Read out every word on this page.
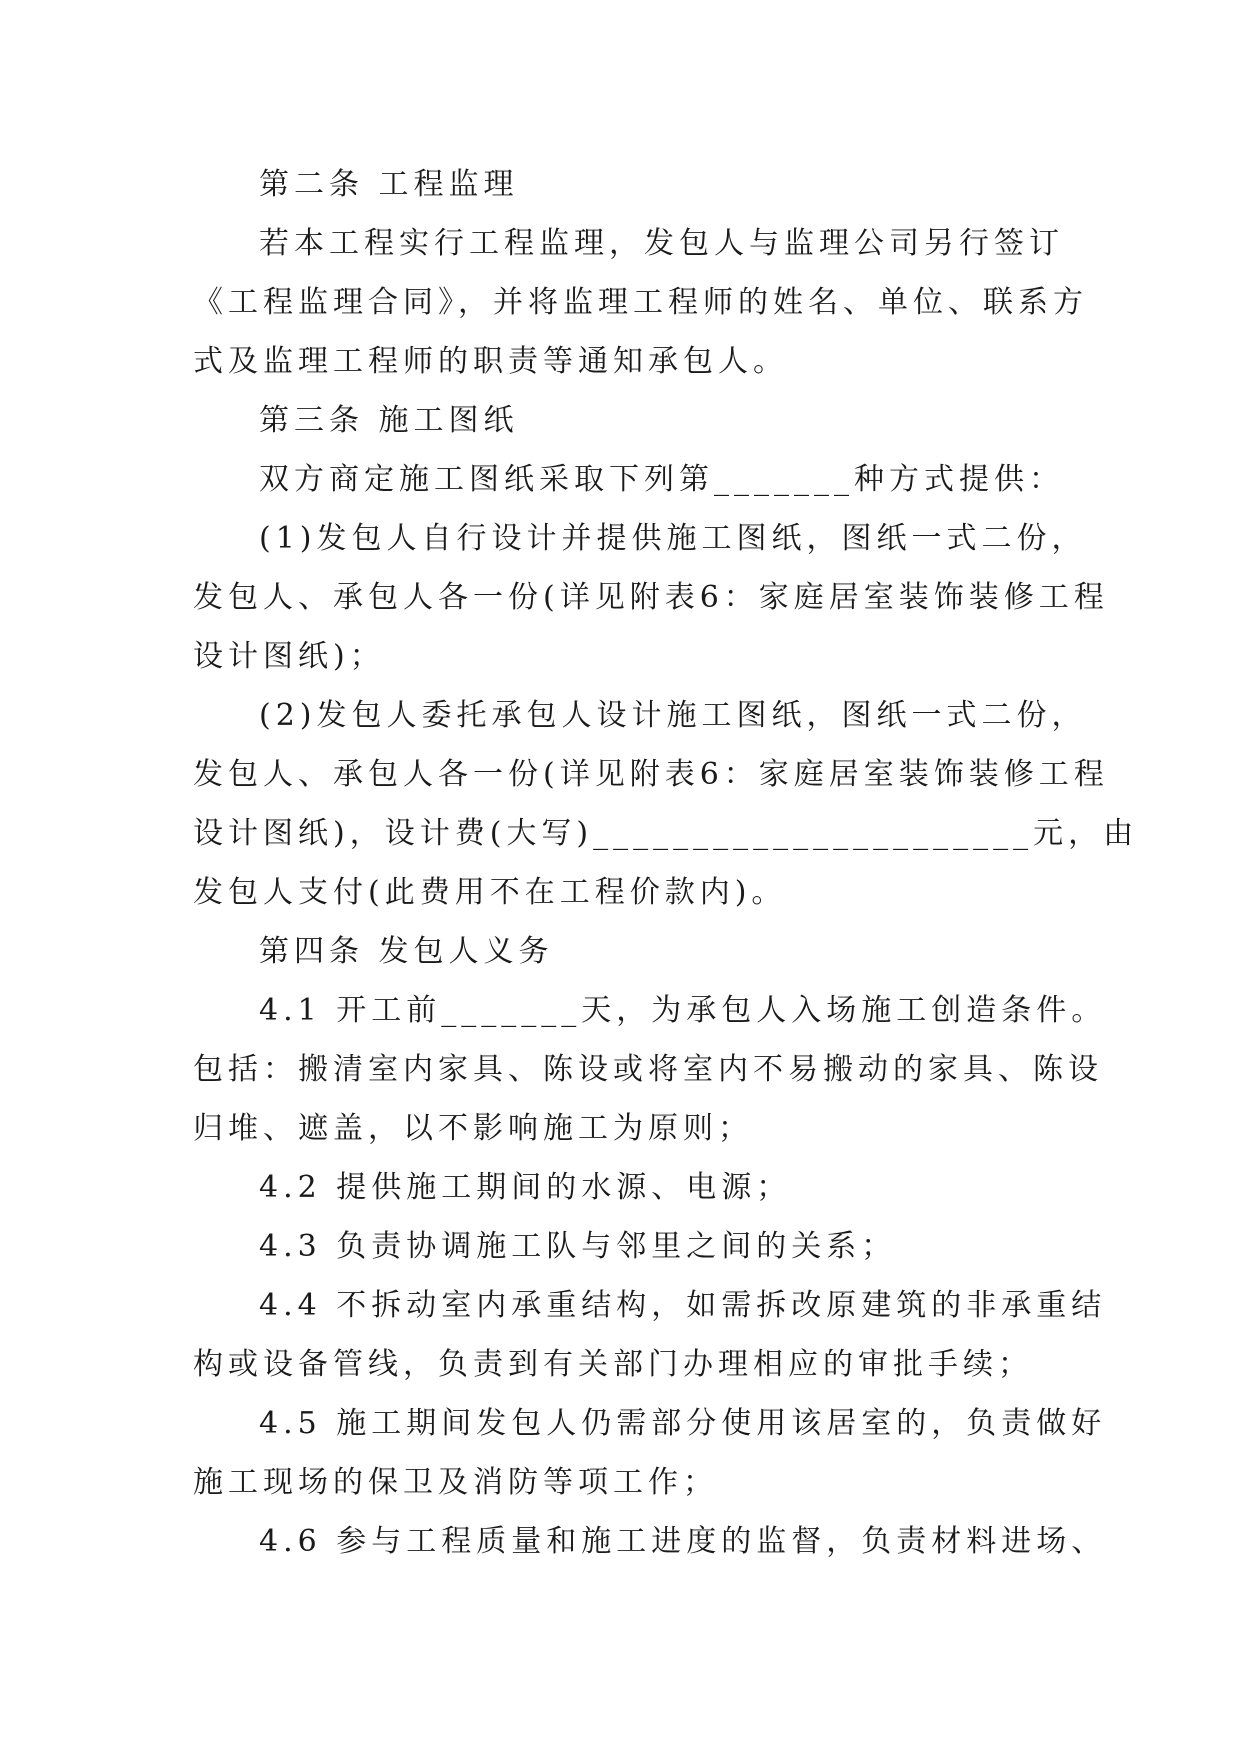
第二条 工程监理
若本工程实行工程监理，发包人与监理公司另行签订
《工程监理合同》，并将监理工程师的姓名、单位、联系方
式及监理工程师的职责等通知承包人。
第三条 施工图纸
双方商定施工图纸采取下列第_______种方式提供：
(1)发包人自行设计并提供施工图纸，图纸一式二份，
发包人、承包人各一份(详见附表6：家庭居室装饰装修工程
设计图纸)；
(2)发包人委托承包人设计施工图纸，图纸一式二份，
发包人、承包人各一份(详见附表6：家庭居室装饰装修工程
设计图纸)，设计费(大写)______________________元，由
发包人支付(此费用不在工程价款内)。
第四条 发包人义务
4.1 开工前_______天，为承包人入场施工创造条件。
包括：搬清室内家具、陈设或将室内不易搬动的家具、陈设
归堆、遮盖，以不影响施工为原则；
4.2 提供施工期间的水源、电源；
4.3 负责协调施工队与邻里之间的关系；
4.4 不拆动室内承重结构，如需拆改原建筑的非承重结
构或设备管线，负责到有关部门办理相应的审批手续；
4.5 施工期间发包人仍需部分使用该居室的，负责做好
施工现场的保卫及消防等项工作；
4.6 参与工程质量和施工进度的监督，负责材料进场、
